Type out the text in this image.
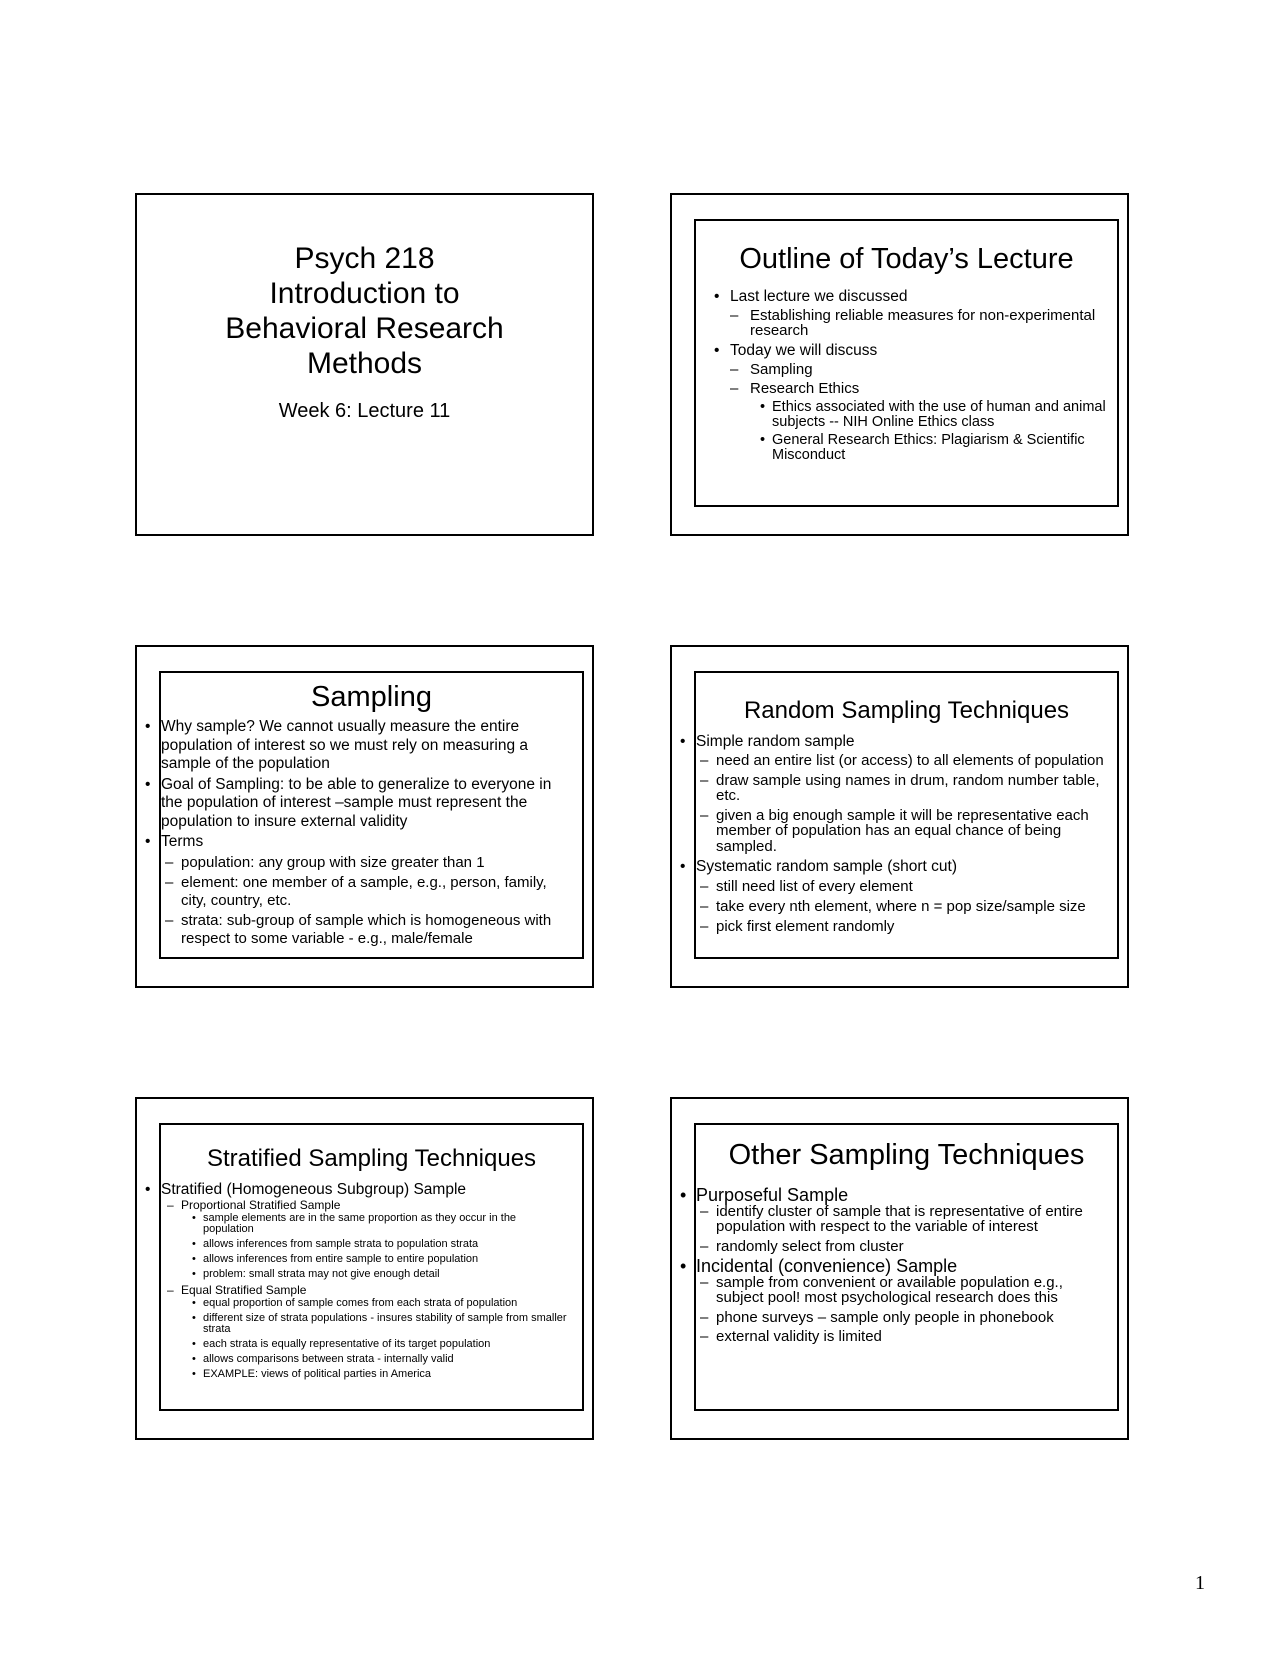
Psych 218
Introduction to
Behavioral Research
Methods
Week 6: Lecture 11
Outline of Today’s Lecture
• Last lecture we discussed
– Establishing reliable measures for non-experimental research
• Today we will discuss
– Sampling
– Research Ethics
• Ethics associated with the use of human and animal subjects -- NIH Online Ethics class
• General Research Ethics: Plagiarism & Scientific Misconduct
Sampling
• Why sample? We cannot usually measure the entire population of interest so we must rely on measuring a sample of the population
• Goal of Sampling: to be able to generalize to everyone in the population of interest –sample must represent the population to insure external validity
• Terms
– population: any group with size greater than 1
– element: one member of a sample, e.g., person, family, city, country, etc.
– strata: sub-group of sample which is homogeneous with respect to some variable - e.g., male/female
Random Sampling Techniques
• Simple random sample
– need an entire list (or access) to all elements of population
– draw sample using names in drum, random number table, etc.
– given a big enough sample it will be representative each member of population has an equal chance of being sampled.
• Systematic random sample (short cut)
– still need list of every element
– take every nth element, where n = pop size/sample size
– pick first element randomly
Stratified Sampling Techniques
• Stratified (Homogeneous Subgroup) Sample
– Proportional Stratified Sample
• sample elements are in the same proportion as they occur in the population
• allows inferences from sample strata to population strata
• allows inferences from entire sample to entire population
• problem: small strata may not give enough detail
– Equal Stratified Sample
• equal proportion of sample comes from each strata of population
• different size of strata populations - insures stability of sample from smaller strata
• each strata is equally representative of its target population
• allows comparisons between strata - internally valid
• EXAMPLE: views of political parties in America
Other Sampling Techniques
• Purposeful Sample
– identify cluster of sample that is representative of entire population with respect to the variable of interest
– randomly select from cluster
• Incidental (convenience) Sample
– sample from convenient or available population e.g., subject pool! most psychological research does this
– phone surveys – sample only people in phonebook
– external validity is limited
1
